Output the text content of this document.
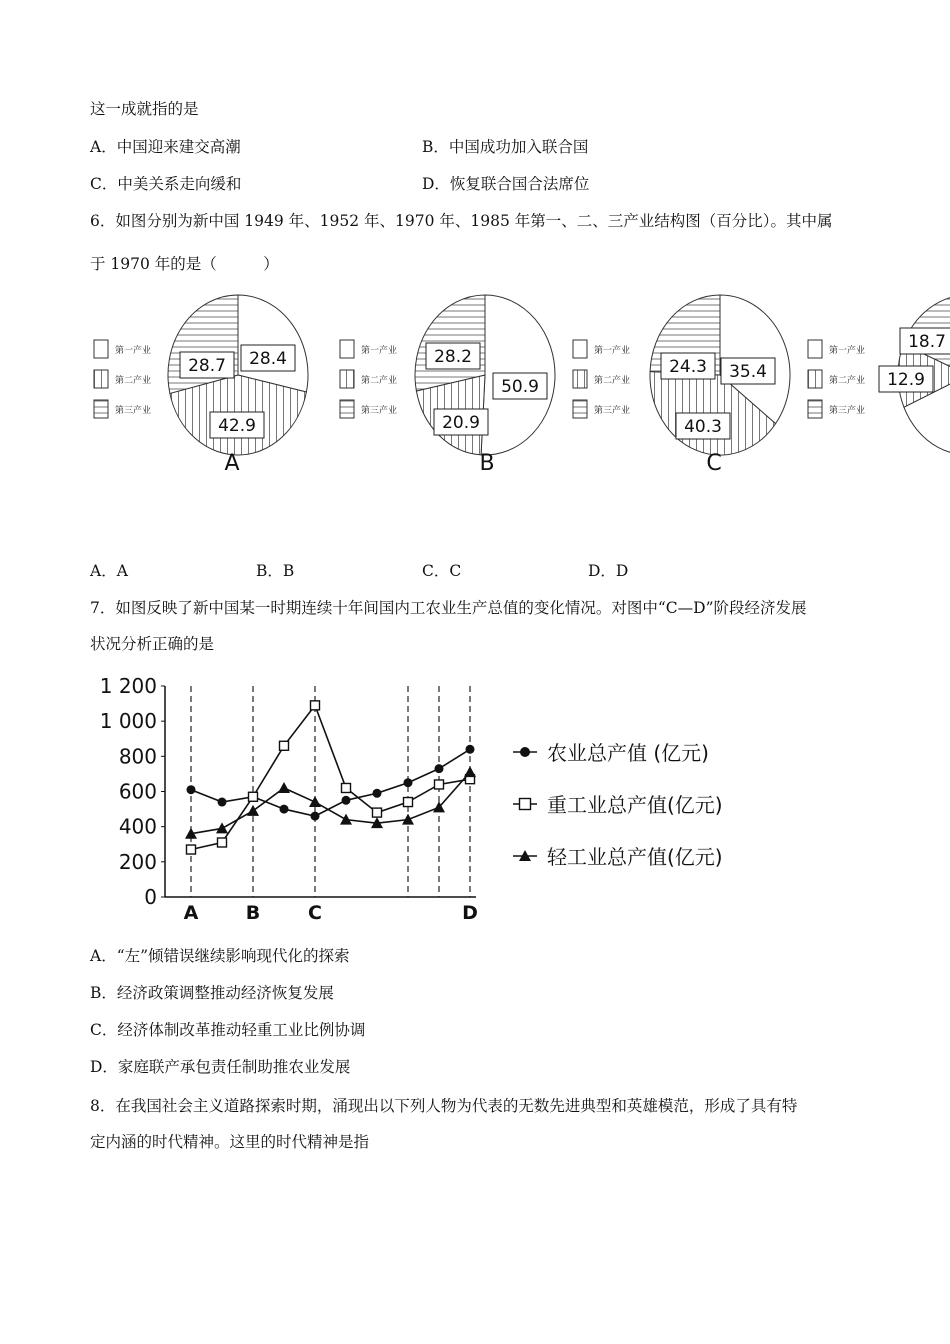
这一成就指的是
A．中国迎来建交高潮	B．中国成功加入联合国
C．中美关系走向缓和	D．恢复联合国合法席位
6．如图分别为新中国 1949 年、1952 年、1970 年、1985 年第一、二、三产业结构图（百分比）。其中属
于 1970 年的是（　　　）
28.4
42.9
28.7
第一产业
第二产业
第三产业
A
50.9
20.9
28.2
第一产业
第二产业
第三产业
B
35.4
40.3
24.3
第一产业
第二产业
第三产业
C
12.9
18.7
第一产业
第二产业
第三产业
A．A	B．B	C．C	D．D
7．如图反映了新中国某一时期连续十年间国内工农业生产总值的变化情况。对图中“C—D”阶段经济发展
状况分析正确的是
0
200
400
600
800
1 000
1 200
A B	C	D
农业总产值 (亿元)
重工业总产值(亿元)
轻工业总产值(亿元)
A．“左”倾错误继续影响现代化的探索
B．经济政策调整推动经济恢复发展
C．经济体制改革推动轻重工业比例协调
D．家庭联产承包责任制助推农业发展
8．在我国社会主义道路探索时期，涌现出以下列人物为代表的无数先进典型和英雄模范，形成了具有特
定内涵的时代精神。这里的时代精神是指
